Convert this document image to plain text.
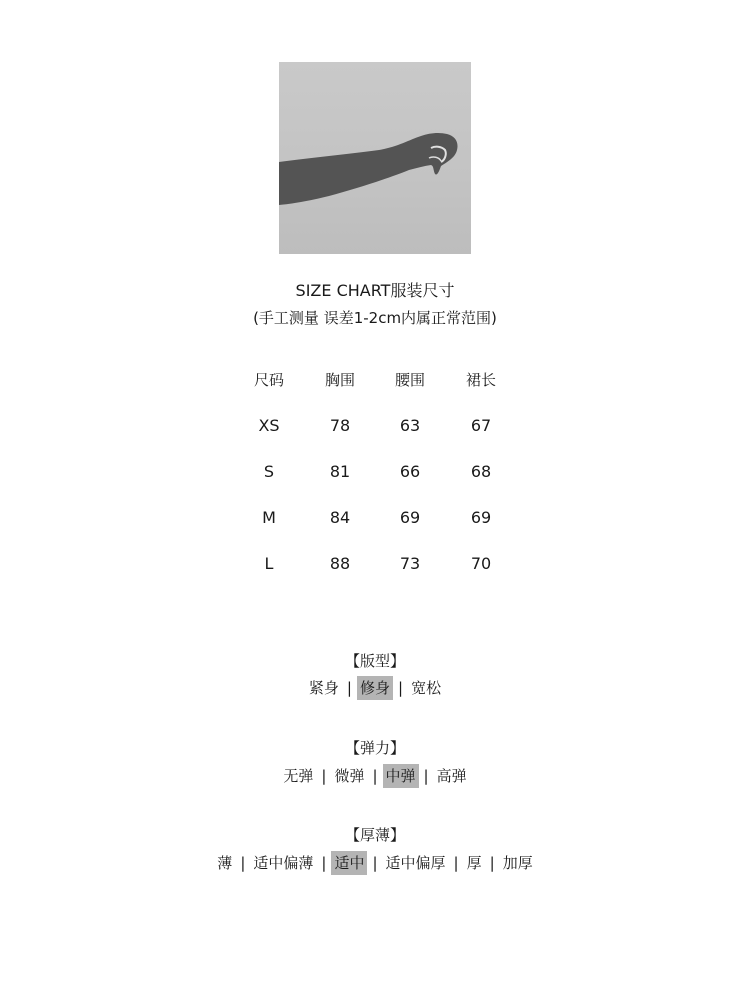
SIZE CHART服装尺寸
(手工测量 误差1-2cm内属正常范围)
尺码	胸围	腰围	裙长
XS	78	63	67
S	81	66	68
M	84	69	69
L	88	73	70
【版型】
紧身 | 修身 | 宽松
【弹力】
无弹 | 微弹 | 中弹 | 高弹
【厚薄】
薄 | 适中偏薄 | 适中 | 适中偏厚 | 厚 | 加厚
